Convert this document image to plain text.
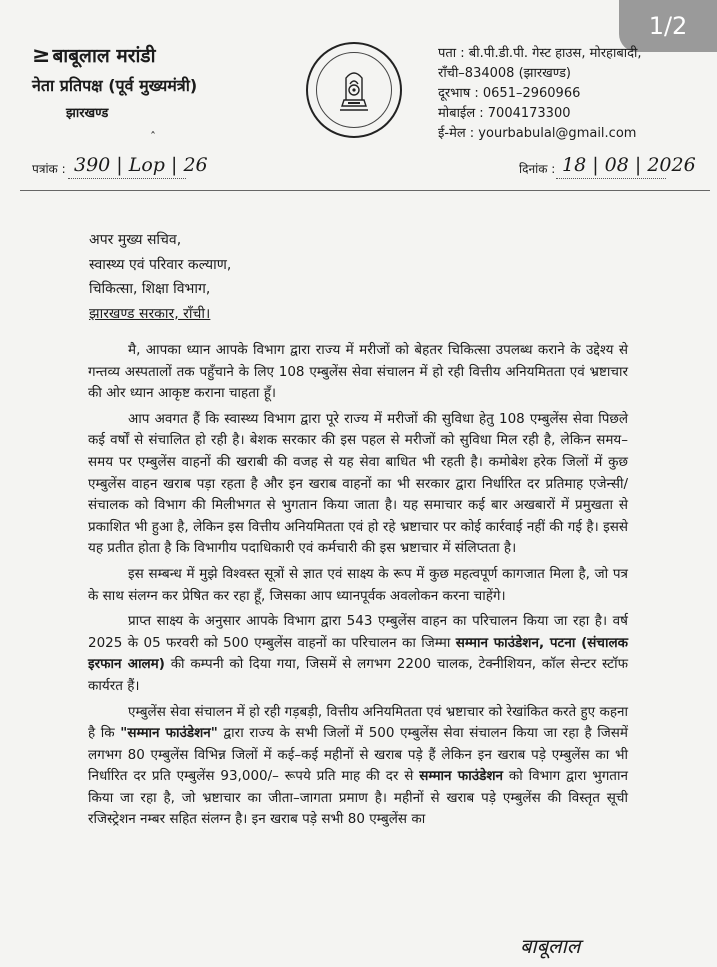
1/2
≥ बाबूलाल मरांडी
नेता प्रतिपक्ष (पूर्व मुख्यमंत्री)
झारखण्ड
पता : बी.पी.डी.पी. गेस्ट हाउस, मोरहाबादी,
राँची–834008 (झारखण्ड)
दूरभाष : 0651–2960966
मोबाईल : 7004173300
ई-मेल : yourbabulal@gmail.com
ˆ
पत्रांक : 390 | Lop | 26	दिनांक : 18 | 08 | 2026
अपर मुख्य सचिव,
स्वास्थ्य एवं परिवार कल्याण,
चिकित्सा, शिक्षा विभाग,
झारखण्ड सरकार, राँची।

मै, आपका ध्यान आपके विभाग द्वारा राज्य में मरीजों को बेहतर चिकित्सा उपलब्ध कराने के उद्देश्य से गन्तव्य अस्पतालों तक पहुँचाने के लिए 108 एम्बुलेंस सेवा संचालन में हो रही वित्तीय अनियमितता एवं भ्रष्टाचार की ओर ध्यान आकृष्ट कराना चाहता हूँ।

आप अवगत हैं कि स्वास्थ्य विभाग द्वारा पूरे राज्य में मरीजों की सुविधा हेतु 108 एम्बुलेंस सेवा पिछले कई वर्षों से संचालित हो रही है। बेशक सरकार की इस पहल से मरीजों को सुविधा मिल रही है, लेकिन समय–समय पर एम्बुलेंस वाहनों की खराबी की वजह से यह सेवा बाधित भी रहती है। कमोबेश हरेक जिलों में कुछ एम्बुलेंस वाहन खराब पड़ा रहता है और इन खराब वाहनों का भी सरकार द्वारा निर्धारित दर प्रतिमाह एजेन्सी/संचालक को विभाग की मिलीभगत से भुगतान किया जाता है। यह समाचार कई बार अखबारों में प्रमुखता से प्रकाशित भी हुआ है, लेकिन इस वित्तीय अनियमितता एवं हो रहे भ्रष्टाचार पर कोई कार्रवाई नहीं की गई है। इससे यह प्रतीत होता है कि विभागीय पदाधिकारी एवं कर्मचारी की इस भ्रष्टाचार में संलिप्तता है।

इस सम्बन्ध में मुझे विश्वस्त सूत्रों से ज्ञात एवं साक्ष्य के रूप में कुछ महत्वपूर्ण कागजात मिला है, जो पत्र के साथ संलग्न कर प्रेषित कर रहा हूँ, जिसका आप ध्यानपूर्वक अवलोकन करना चाहेंगे।

प्राप्त साक्ष्य के अनुसार आपके विभाग द्वारा 543 एम्बुलेंस वाहन का परिचालन किया जा रहा है। वर्ष 2025 के 05 फरवरी को 500 एम्बुलेंस वाहनों का परिचालन का जिम्मा सम्मान फाउंडेशन, पटना (संचालक इरफान आलम) की कम्पनी को दिया गया, जिसमें से लगभग 2200 चालक, टेक्नीशियन, कॉल सेन्टर स्टॉफ कार्यरत हैं।

एम्बुलेंस सेवा संचालन में हो रही गड़बड़ी, वित्तीय अनियमितता एवं भ्रष्टाचार को रेखांकित करते हुए कहना है कि "सम्मान फाउंडेशन" द्वारा राज्य के सभी जिलों में 500 एम्बुलेंस सेवा संचालन किया जा रहा है जिसमें लगभग 80 एम्बुलेंस विभिन्न जिलों में कई–कई महीनों से खराब पड़े हैं लेकिन इन खराब पड़े एम्बुलेंस का भी निर्धारित दर प्रति एम्बुलेंस 93,000/– रूपये प्रति माह की दर से सम्मान फाउंडेशन को विभाग द्वारा भुगतान किया जा रहा है, जो भ्रष्टाचार का जीता–जागता प्रमाण है। महीनों से खराब पड़े एम्बुलेंस की विस्तृत सूची रजिस्ट्रेशन नम्बर सहित संलग्न है। इन खराब पड़े सभी 80 एम्बुलेंस का

बाबूलाल
